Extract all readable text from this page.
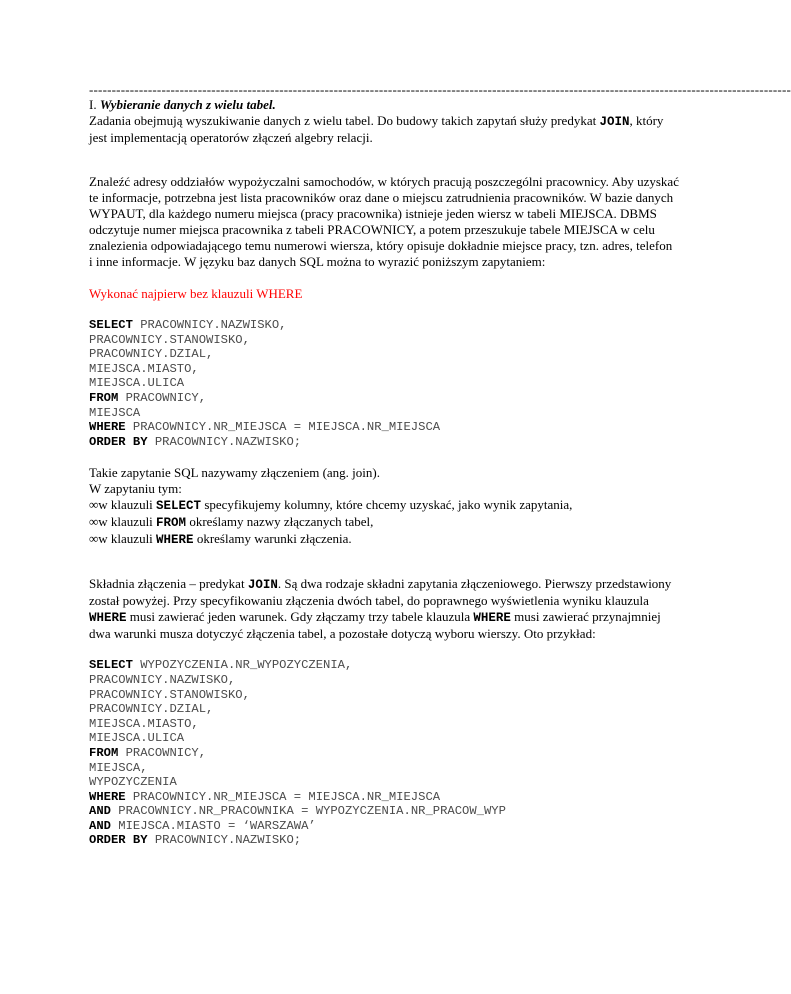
-----------------------------------------------------------------------------------------------------------------------------------------------------------

I. Wybieranie danych z wielu tabel.

Zadania obejmują wyszukiwanie danych z wielu tabel. Do budowy takich zapytań służy predykat JOIN, który jest implementacją operatorów złączeń algebry relacji.

Znaleźć adresy oddziałów wypożyczalni samochodów, w których pracują poszczególni pracownicy. Aby uzyskać te informacje, potrzebna jest lista pracowników oraz dane o miejscu zatrudnienia pracowników. W bazie danych WYPAUT, dla każdego numeru miejsca (pracy pracownika) istnieje jeden wiersz w tabeli MIEJSCA. DBMS odczytuje numer miejsca pracownika z tabeli PRACOWNICY, a potem przeszukuje tabele MIEJSCA w celu znalezienia odpowiadającego temu numerowi wiersza, który opisuje dokładnie miejsce pracy, tzn. adres, telefon i inne informacje. W języku baz danych SQL można to wyrazić poniższym zapytaniem:

Wykonać najpierw bez klauzuli WHERE

SELECT PRACOWNICY.NAZWISKO,
PRACOWNICY.STANOWISKO,
PRACOWNICY.DZIAL,
MIEJSCA.MIASTO,
MIEJSCA.ULICA
FROM PRACOWNICY,
MIEJSCA
WHERE PRACOWNICY.NR_MIEJSCA = MIEJSCA.NR_MIEJSCA
ORDER BY PRACOWNICY.NAZWISKO;

Takie zapytanie SQL nazywamy złączeniem (ang. join).

W zapytaniu tym:

∞w klauzuli SELECT specyfikujemy kolumny, które chcemy uzyskać, jako wynik zapytania,

∞w klauzuli FROM określamy nazwy złączanych tabel,

∞w klauzuli WHERE określamy warunki złączenia.

Składnia złączenia – predykat JOIN. Są dwa rodzaje składni zapytania złączeniowego. Pierwszy przedstawiony został powyżej. Przy specyfikowaniu złączenia dwóch tabel, do poprawnego wyświetlenia wyniku klauzula WHERE musi zawierać jeden warunek. Gdy złączamy trzy tabele klauzula WHERE musi zawierać przynajmniej dwa warunki musza dotyczyć złączenia tabel, a pozostałe dotyczą wyboru wierszy. Oto przykład:

SELECT WYPOZYCZENIA.NR_WYPOZYCZENIA,
PRACOWNICY.NAZWISKO,
PRACOWNICY.STANOWISKO,
PRACOWNICY.DZIAL,
MIEJSCA.MIASTO,
MIEJSCA.ULICA
FROM PRACOWNICY,
MIEJSCA,
WYPOZYCZENIA
WHERE PRACOWNICY.NR_MIEJSCA = MIEJSCA.NR_MIEJSCA
AND PRACOWNICY.NR_PRACOWNIKA = WYPOZYCZENIA.NR_PRACOW_WYP
AND MIEJSCA.MIASTO = ‘WARSZAWA’
ORDER BY PRACOWNICY.NAZWISKO;
